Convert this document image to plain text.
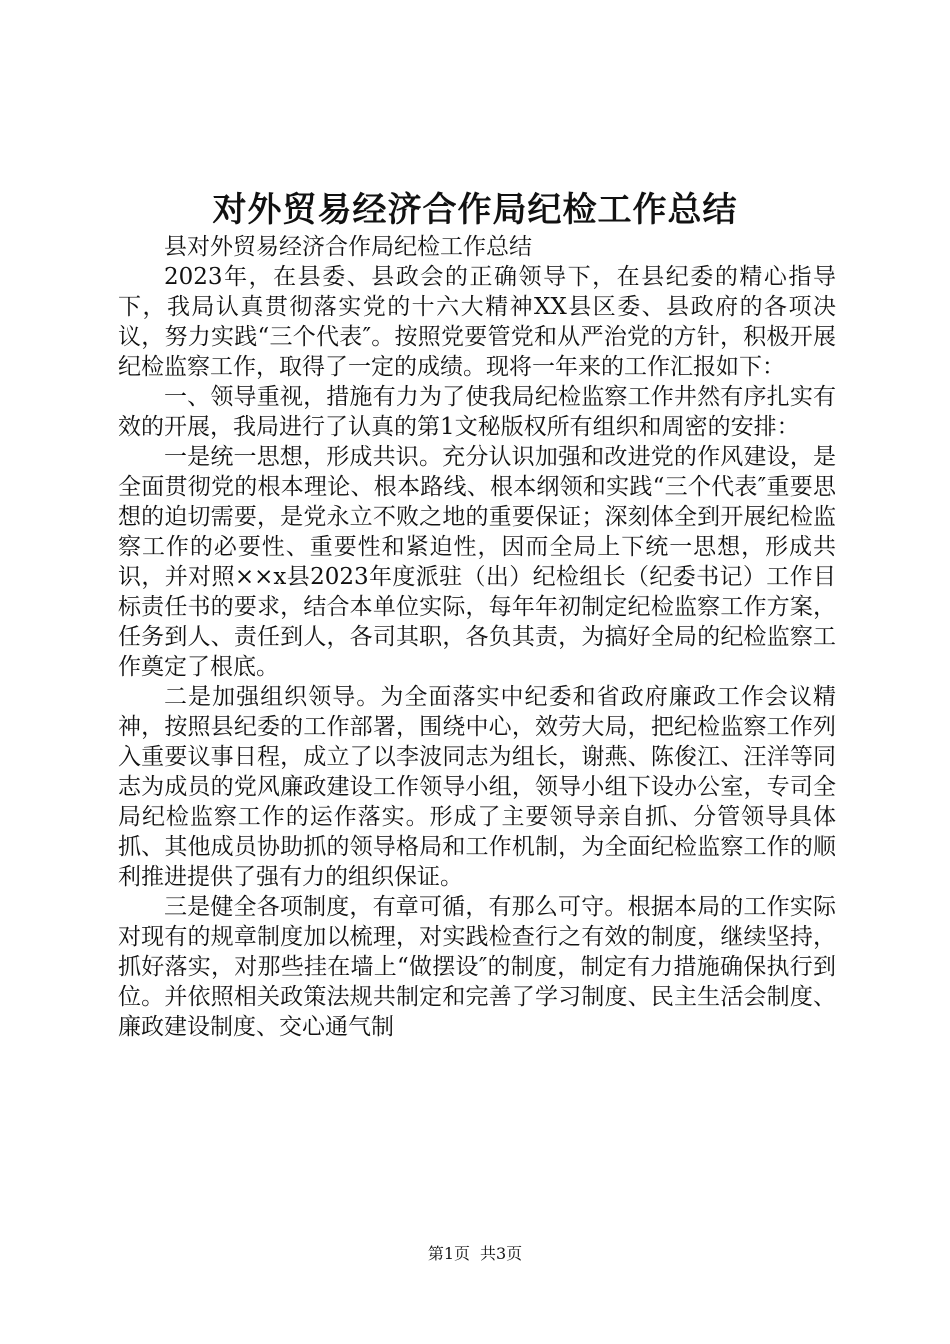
对外贸易经济合作局纪检工作总结

县对外贸易经济合作局纪检工作总结

2023年，在县委、县政会的正确领导下，在县纪委的精心指导下，我局认真贯彻落实党的十六大精神XX县区委、县政府的各项决议，努力实践“三个代表″。按照党要管党和从严治党的方针，积极开展纪检监察工作，取得了一定的成绩。现将一年来的工作汇报如下：

一、领导重视，措施有力为了使我局纪检监察工作井然有序扎实有效的开展，我局进行了认真的第1文秘版权所有组织和周密的安排：

一是统一思想，形成共识。充分认识加强和改进党的作风建设，是全面贯彻党的根本理论、根本路线、根本纲领和实践“三个代表″重要思想的迫切需要，是党永立不败之地的重要保证；深刻体全到开展纪检监察工作的必要性、重要性和紧迫性，因而全局上下统一思想，形成共识，并对照××x县2023年度派驻（出）纪检组长（纪委书记）工作目标责任书的要求，结合本单位实际，每年年初制定纪检监察工作方案，任务到人、责任到人，各司其职，各负其责，为搞好全局的纪检监察工作奠定了根底。

二是加强组织领导。为全面落实中纪委和省政府廉政工作会议精神，按照县纪委的工作部署，围绕中心，效劳大局，把纪检监察工作列入重要议事日程，成立了以李波同志为组长，谢燕、陈俊江、汪洋等同志为成员的党风廉政建设工作领导小组，领导小组下设办公室，专司全局纪检监察工作的运作落实。形成了主要领导亲自抓、分管领导具体抓、其他成员协助抓的领导格局和工作机制，为全面纪检监察工作的顺利推进提供了强有力的组织保证。

三是健全各项制度，有章可循，有那么可守。根据本局的工作实际对现有的规章制度加以梳理，对实践检查行之有效的制度，继续坚持，抓好落实，对那些挂在墙上“做摆设″的制度，制定有力措施确保执行到位。并依照相关政策法规共制定和完善了学习制度、民主生活会制度、廉政建设制度、交心通气制

第1页 共3页
